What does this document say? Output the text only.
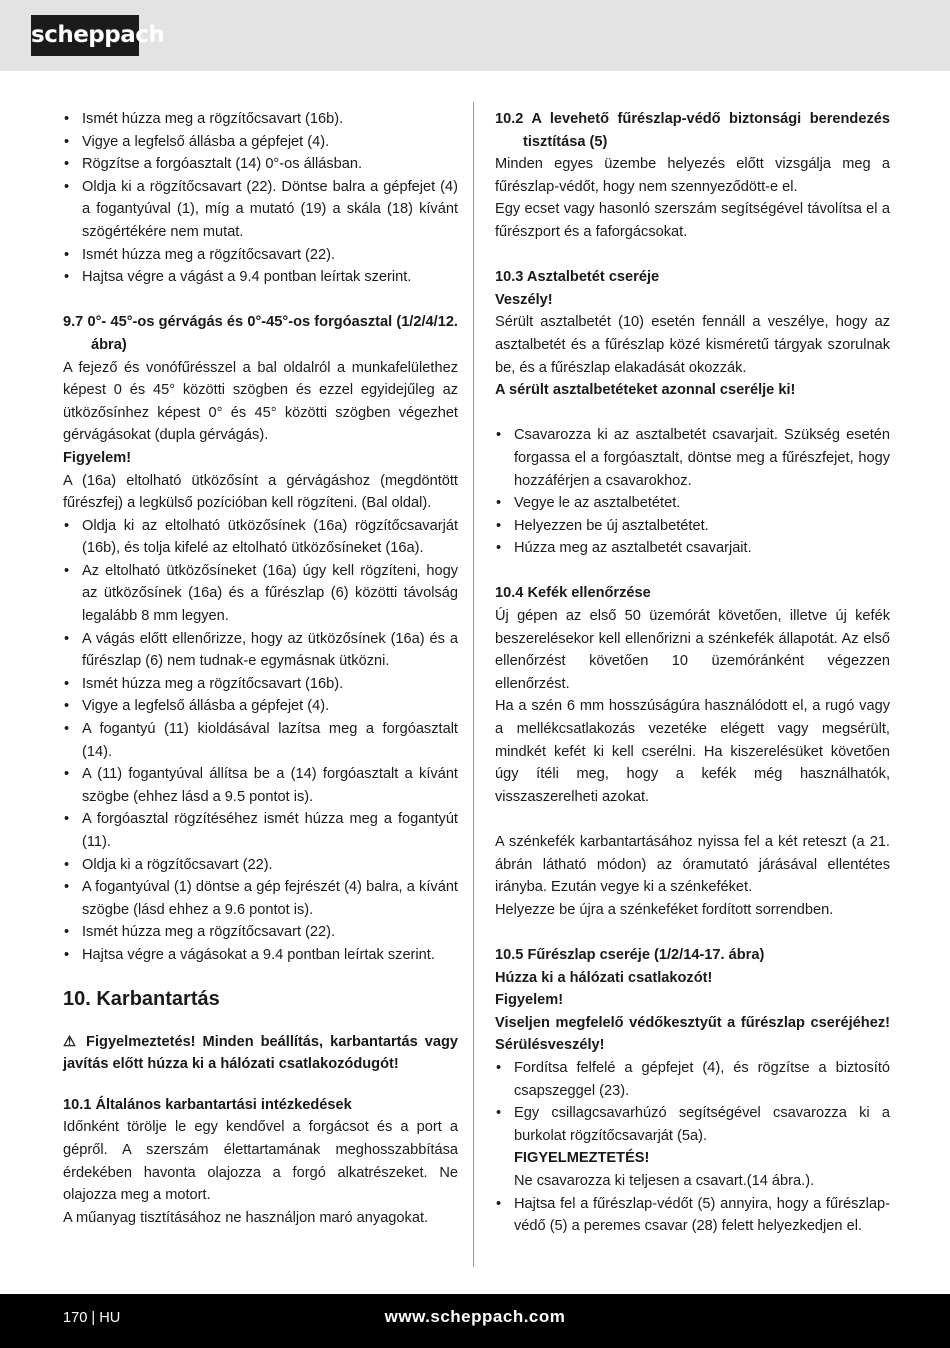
scheppach
• Ismét húzza meg a rögzítőcsavart (16b).
• Vigye a legfelső állásba a gépfejet (4).
• Rögzítse a forgóasztalt (14) 0°-os állásban.
• Oldja ki a rögzítőcsavart (22). Döntse balra a gépfejet (4) a fogantyúval (1), míg a mutató (19) a skála (18) kívánt szögértékére nem mutat.
• Ismét húzza meg a rögzítőcsavart (22).
• Hajtsa végre a vágást a 9.4 pontban leírtak szerint.
9.7 0°- 45°-os gérvágás és 0°-45°-os forgóasztal (1/2/4/12. ábra)
A fejező és vonófűrésszel a bal oldalról a munkafelülethez képest 0 és 45° közötti szögben és ezzel egyidejűleg az ütközősínhez képest 0° és 45° közötti szögben végezhet gérvágásokat (dupla gérvágás).
Figyelem!
A (16a) eltolható ütközősínt a gérvágáshoz (megdöntött fűrészfej) a legkülső pozícióban kell rögzíteni. (Bal oldal).
• Oldja ki az eltolható ütközősínek (16a) rögzítőcsavarját (16b), és tolja kifelé az eltolható ütközősíneket (16a).
• Az eltolható ütközősíneket (16a) úgy kell rögzíteni, hogy az ütközősínek (16a) és a fűrészlap (6) közötti távolság legalább 8 mm legyen.
• A vágás előtt ellenőrizze, hogy az ütközősínek (16a) és a fűrészlap (6) nem tudnak-e egymásnak ütközni.
• Ismét húzza meg a rögzítőcsavart (16b).
• Vigye a legfelső állásba a gépfejet (4).
• A fogantyú (11) kioldásával lazítsa meg a forgóasztalt (14).
• A (11) fogantyúval állítsa be a (14) forgóasztalt a kívánt szögbe (ehhez lásd a 9.5 pontot is).
• A forgóasztal rögzítéséhez ismét húzza meg a fogantyút (11).
• Oldja ki a rögzítőcsavart (22).
• A fogantyúval (1) döntse a gép fejrészét (4) balra, a kívánt szögbe (lásd ehhez a 9.6 pontot is).
• Ismét húzza meg a rögzítőcsavart (22).
• Hajtsa végre a vágásokat a 9.4 pontban leírtak szerint.
10. Karbantartás
⚠ Figyelmeztetés! Minden beállítás, karbantartás vagy javítás előtt húzza ki a hálózati csatlakozódugót!
10.1 Általános karbantartási intézkedések
Időnként törölje le egy kendővel a forgácsot és a port a gépről. A szerszám élettartamának meghosszabbítása érdekében havonta olajozza a forgó alkatrészeket. Ne olajozza meg a motort.
A műanyag tisztításához ne használjon maró anyagokat.
10.2 A levehető fűrészlap-védő biztonsági berendezés tisztítása (5)
Minden egyes üzembe helyezés előtt vizsgálja meg a fűrészlap-védőt, hogy nem szennyeződött-e el.
Egy ecset vagy hasonló szerszám segítségével távolítsa el a fűrészport és a faforgácsokat.
10.3 Asztalbetét cseréje
Veszély!
Sérült asztalbetét (10) esetén fennáll a veszélye, hogy az asztalbetét és a fűrészlap közé kisméretű tárgyak szorulnak be, és a fűrészlap elakadását okozzák.
A sérült asztalbetéteket azonnal cserélje ki!
• Csavarozza ki az asztalbetét csavarjait. Szükség esetén forgassa el a forgóasztalt, döntse meg a fűrészfejet, hogy hozzáférjen a csavarokhoz.
• Vegye le az asztalbetétet.
• Helyezzen be új asztalbetétet.
• Húzza meg az asztalbetét csavarjait.
10.4 Kefék ellenőrzése
Új gépen az első 50 üzemórát követően, illetve új kefék beszerelésekor kell ellenőrizni a szénkefék állapotát. Az első ellenőrzést követően 10 üzemóránként végezzen ellenőrzést.
Ha a szén 6 mm hosszúságúra használódott el, a rugó vagy a mellékcsatlakozás vezetéke elégett vagy megsérült, mindkét kefét ki kell cserélni. Ha kiszerelésüket követően úgy ítéli meg, hogy a kefék még használhatók, visszaszerelheti azokat.
A szénkefék karbantartásához nyissa fel a két reteszt (a 21. ábrán látható módon) az óramutató járásával ellentétes irányba. Ezután vegye ki a szénkeféket.
Helyezze be újra a szénkeféket fordított sorrendben.
10.5 Fűrészlap cseréje (1/2/14-17. ábra)
Húzza ki a hálózati csatlakozót!
Figyelem!
Viseljen megfelelő védőkesztyűt a fűrészlap cseréjéhez! Sérülésveszély!
• Fordítsa felfelé a gépfejet (4), és rögzítse a biztosító csapszeggel (23).
• Egy csillagcsavarhúzó segítségével csavarozza ki a burkolat rögzítőcsavarját (5a).
FIGYELMEZTETÉS!
Ne csavarozza ki teljesen a csavart.(14 ábra.).
• Hajtsa fel a fűrészlap-védőt (5) annyira, hogy a fűrészlap-védő (5) a peremes csavar (28) felett helyezkedjen el.
170 | HU	www.scheppach.com
